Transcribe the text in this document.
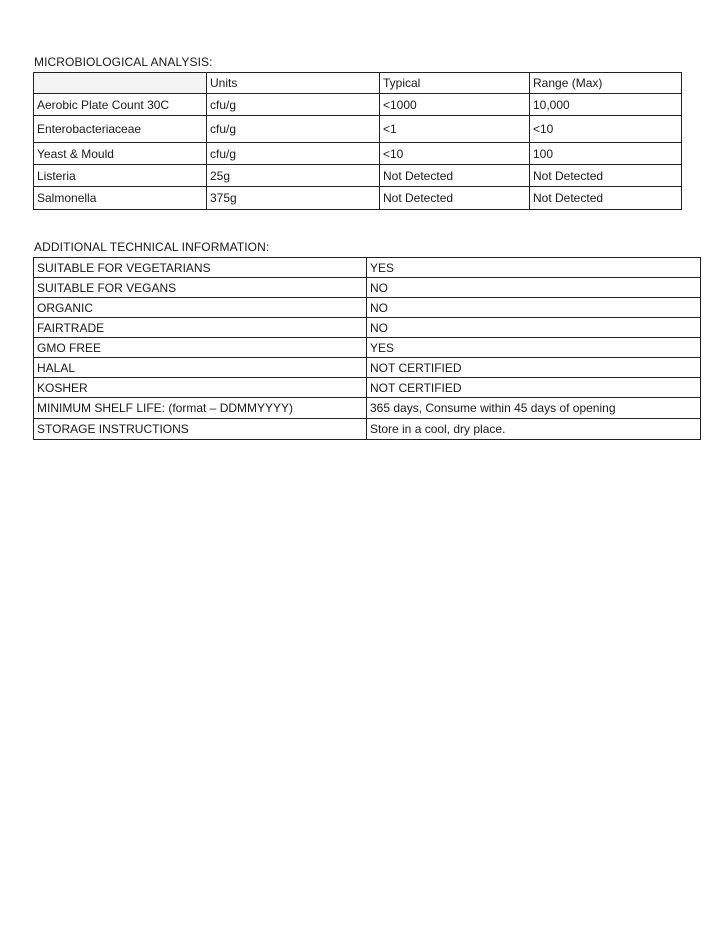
MICROBIOLOGICAL ANALYSIS:
	Units	Typical	Range (Max)
Aerobic Plate Count 30C	cfu/g	<1000	10,000
Enterobacteriaceae	cfu/g	<1	<10
Yeast & Mould	cfu/g	<10	100
Listeria	25g	Not Detected	Not Detected
Salmonella	375g	Not Detected	Not Detected
ADDITIONAL TECHNICAL INFORMATION:
SUITABLE FOR VEGETARIANS	YES
SUITABLE FOR VEGANS	NO
ORGANIC	NO
FAIRTRADE	NO
GMO FREE	YES
HALAL	NOT CERTIFIED
KOSHER	NOT CERTIFIED
MINIMUM SHELF LIFE: (format – DDMMYYYY)	365 days, Consume within 45 days of opening
STORAGE INSTRUCTIONS	Store in a cool, dry place.
